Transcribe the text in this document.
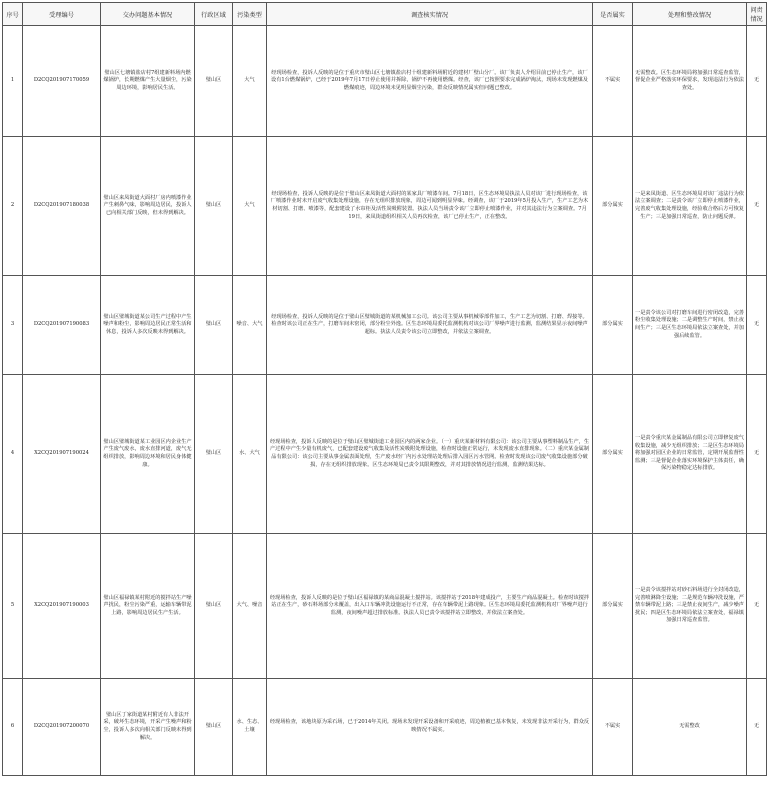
序号	受理编号	交办问题基本情况	行政区域	污染类型	调查核实情况	是否属实	处理和整改情况	问责情况
1	D2CQ201907170059	璧山区七塘镇盐店村7组建新料场内燃煤锅炉，长期燃煤产生大量烟尘，污染周边环境，影响居民生活。	璧山区	大气	经现场检查，投诉人反映的是位于重庆市璧山区七塘镇盐店村十组建新料场附近的建材厂壁山分厂。该厂负责人介绍目前已停止生产，该厂设有1台燃煤锅炉，已经于2019年7月17日停止使用并拆除，锅炉不再使用燃煤。经查，该厂已按照要求完成锅炉淘汰，现场未发现燃煤及燃煤痕迹，周边环境未见明显烟尘污染，群众反映情况属实但问题已整改。	不属实	无需整改。区生态环境局将加强日常巡查监管，督促企业严格落实环保要求，发现违法行为依法查处。	无
2	D2CQ201907180038	璧山区来凤街道大面村厂房内喷漆作业产生刺鼻气味，影响周边居民，投诉人已向相关部门反映，但未得到解决。	璧山区	大气	经现场检查，投诉人反映的是位于璧山区来凤街道大面村的某家具厂喷漆车间。7月18日，区生态环境局执法人员对该厂进行现场检查，该厂喷漆作业时未开启废气收集处理设施，存在无组织排放现象，周边可闻到明显异味。经调查，该厂于2019年5月投入生产，生产工艺为木材切割、打磨、喷漆等，配套建设了水帘柜及活性炭吸附装置。执法人员当场责令该厂立即停止喷漆作业，并对其违法行为立案调查。7月19日，来凤街道组织相关人员再次检查，该厂已停止生产，正在整改。	部分属实	一是来凤街道、区生态环境局对该厂违法行为依法立案调查；二是责令该厂立即停止喷漆作业，完善废气收集处理设施，经验收合格后方可恢复生产；三是加强日常巡查，防止问题反弹。	无
3	D2CQ201907190083	璧山区璧城街道某公司生产过程中产生噪声和粉尘，影响周边居民正常生活和休息，投诉人多次反映未得到解决。	璧山区	噪音、大气	经现场检查，投诉人反映的是位于璧山区璧城街道的某机械加工公司。该公司主要从事机械零部件加工，生产工艺为切割、打磨、焊接等。检查时该公司正在生产，打磨车间未密闭，部分粉尘外逸。区生态环境局委托监测机构对该公司厂界噪声进行监测，监测结果显示夜间噪声超标。执法人员责令该公司立即整改，并依法立案调查。	部分属实	一是责令该公司对打磨车间进行密闭改造，完善粉尘收集处理设施；二是调整生产时间，禁止夜间生产；三是区生态环境局依法立案查处，并加强后续监管。	无
4	X2CQ201907190024	璧山区璧城街道某工业园区内企业生产产生废气废水，废水直排河道，废气无组织排放，影响周边环境和居民身体健康。	璧山区	水、大气	经现场检查，投诉人反映的是位于璧山区璧城街道工业园区内的两家企业。（一）重庆某新材料有限公司：该公司主要从事塑料制品生产，生产过程中产生少量有机废气，已配套建设废气收集及活性炭吸附处理设施，检查时设施正常运行，未发现废水直排现象。（二）重庆某金属制品有限公司：该公司主要从事金属表面处理，生产废水经厂内污水处理站处理后排入园区污水管网。检查时发现该公司废气收集设施部分破损，存在无组织排放现象。区生态环境局已责令其限期整改，并对其排放情况进行监测，监测结果达标。	部分属实	一是责令重庆某金属制品有限公司立即修复废气收集设施，减少无组织排放；二是区生态环境局将加强对园区企业的日常监管，定期开展监督性监测；三是督促企业落实环境保护主体责任，确保污染物稳定达标排放。	无
5	X2CQ201907190003	璧山区福禄镇某村附近的搅拌站生产噪声扰民，粉尘污染严重，运输车辆带泥上路，影响周边居民生产生活。	璧山区	大气、噪音	经现场检查，投诉人反映的是位于璧山区福禄镇的某商品混凝土搅拌站。该搅拌站于2018年建成投产，主要生产商品混凝土。检查时该搅拌站正在生产，砂石料场部分未覆盖，出入口车辆冲洗设施运行不正常，存在车辆带泥上路现象。区生态环境局委托监测机构对厂界噪声进行监测，夜间噪声超过排放标准。执法人员已责令该搅拌站立即整改，并依法立案查处。	部分属实	一是责令该搅拌站对砂石料场进行全封闭改造，完善喷淋降尘设施；二是规范车辆冲洗设施，严禁车辆带泥上路；三是禁止夜间生产，减少噪声扰民；四是区生态环境局依法立案查处，福禄镇加强日常巡查监管。	无
6	D2CQ201907200070	璧山区丁家街道某村附近有人非法开采，破坏生态环境，开采产生噪声和粉尘，投诉人多次向相关部门反映未得到解决。	璧山区	水、生态、土壤	经现场检查，该地块原为采石场，已于2014年关闭。现场未发现开采设备和开采痕迹，周边植被已基本恢复，未发现非法开采行为，群众反映情况不属实。	不属实	无需整改	无
